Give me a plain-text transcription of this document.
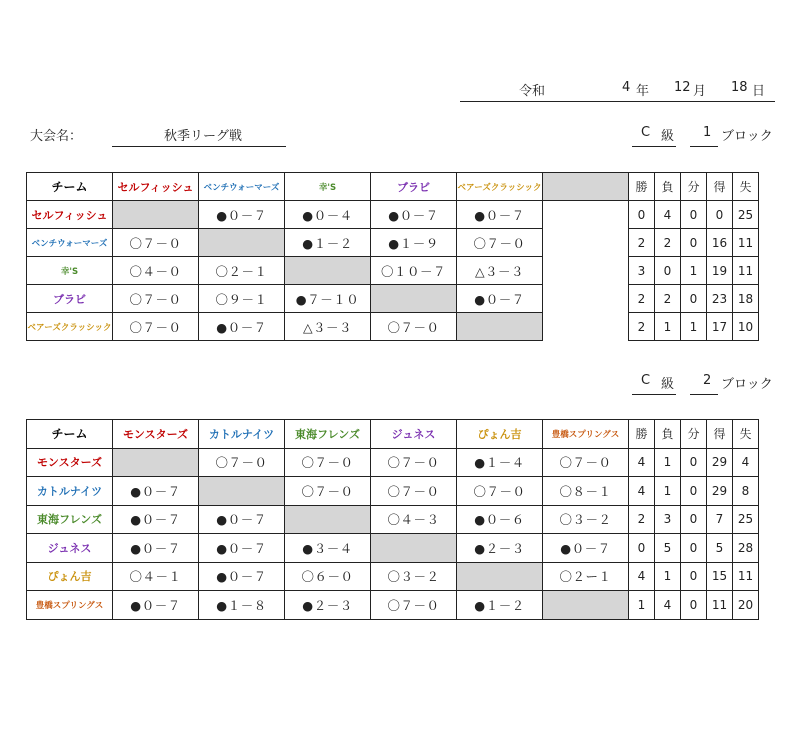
令和	4 年 12 月 18 日
大会名：	秋季リーグ戦	C 級 1 ブロック
チーム	セルフィッシュ	ベンチウォーマーズ	幸'S	ブラビ	ベアーズクラッシック		勝	負	分	得	失
セルフィッシュ		●０－７	●０－４	●０－７	●０－７		0	4	0	0	25
ベンチウォーマーズ	〇７－０		●１－２	●１－９	〇７－０		2	2	0	16	11
幸'S	〇４－０	〇２－１		〇１０－７	△３－３		3	0	1	19	11
ブラビ	〇７－０	〇９－１	●７－１０		●０－７		2	2	0	23	18
ベアーズクラッシック	〇７－０	●０－７	△３－３	〇７－０			2	1	1	17	10
C 級 2 ブロック
チーム	モンスターズ	カトルナイツ	東海フレンズ	ジュネス	ぴょん吉	豊橋スプリングス	勝	負	分	得	失
モンスターズ		〇７－０	〇７－０	〇７－０	●１－４	〇７－０	4	1	0	29	4
カトルナイツ	●０－７		〇７－０	〇７－０	〇７－０	〇８－１	4	1	0	29	8
東海フレンズ	●０－７	●０－７		〇４－３	●０－６	〇３－２	2	3	0	7	25
ジュネス	●０－７	●０－７	●３－４		●２－３	●０－７	0	5	0	5	28
ぴょん吉	〇４－１	●０－７	〇６－０	〇３－２		〇２ー１	4	1	0	15	11
豊橋スプリングス	●０－７	●１－８	●２－３	〇７－０	●１－２		1	4	0	11	20
